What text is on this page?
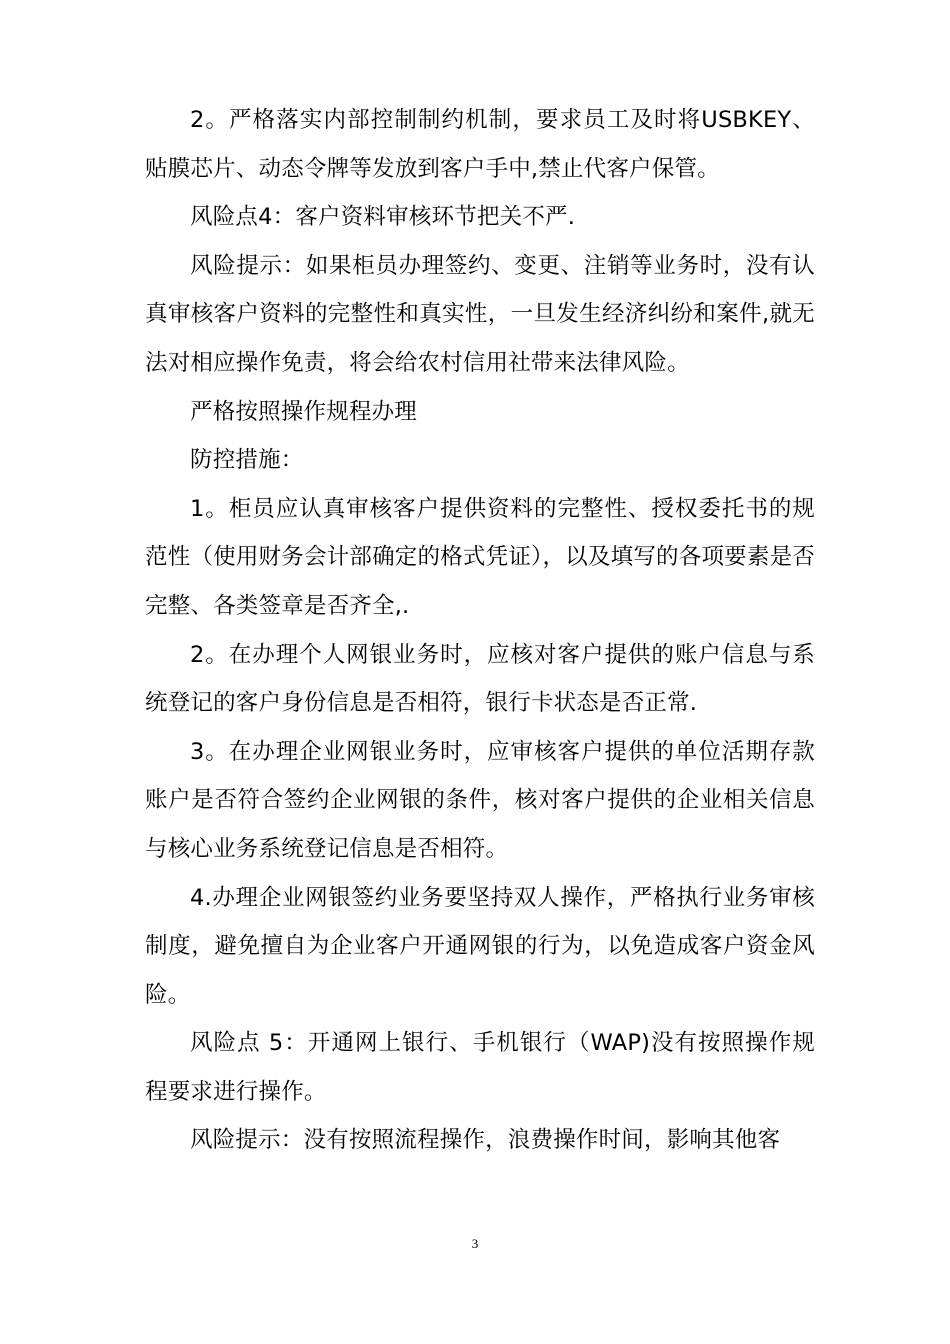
2。严格落实内部控制制约机制，要求员工及时将USBKEY、贴膜芯片、动态令牌等发放到客户手中,禁止代客户保管。

风险点4：客户资料审核环节把关不严.

风险提示：如果柜员办理签约、变更、注销等业务时，没有认真审核客户资料的完整性和真实性，一旦发生经济纠纷和案件,就无法对相应操作免责，将会给农村信用社带来法律风险。

严格按照操作规程办理

防控措施：

1。柜员应认真审核客户提供资料的完整性、授权委托书的规范性（使用财务会计部确定的格式凭证），以及填写的各项要素是否完整、各类签章是否齐全,.

2。在办理个人网银业务时，应核对客户提供的账户信息与系统登记的客户身份信息是否相符，银行卡状态是否正常.

3。在办理企业网银业务时，应审核客户提供的单位活期存款账户是否符合签约企业网银的条件，核对客户提供的企业相关信息与核心业务系统登记信息是否相符。

4.办理企业网银签约业务要坚持双人操作，严格执行业务审核制度，避免擅自为企业客户开通网银的行为，以免造成客户资金风险。

风险点 5：开通网上银行、手机银行（WAP)没有按照操作规程要求进行操作。

风险提示：没有按照流程操作，浪费操作时间，影响其他客

3
